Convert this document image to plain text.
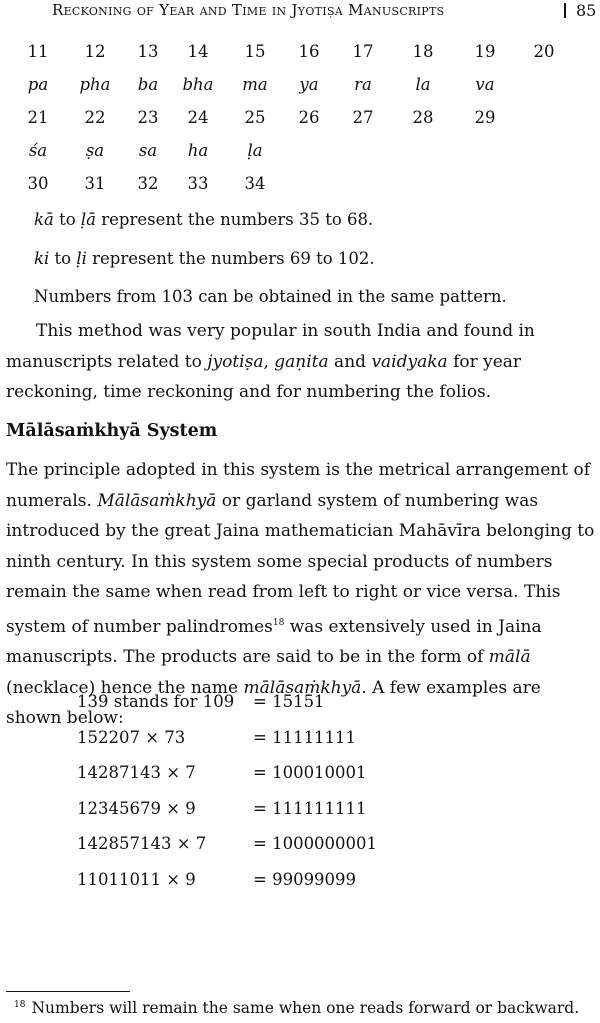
Reckoning of Year and Time in Jyotiṣa Manuscripts	85
11	12	13	14	15	16	17	18	19	20
pa	pha	ba	bha	ma	ya	ra	la	va
21	22	23	24	25	26	27	28	29
śa	ṣa	sa	ha	ḷa
30	31	32	33	34
kā to ḷā represent the numbers 35 to 68.
ki to ḷi represent the numbers 69 to 102.
Numbers from 103 can be obtained in the same pattern.
This method was very popular in south India and found in manuscripts related to jyotiṣa, gaṇita and vaidyaka for year reckoning, time reckoning and for numbering the folios.
Mālāsaṁkhyā System
The principle adopted in this system is the metrical arrangement of numerals. Mālāsaṁkhyā or garland system of numbering was introduced by the great Jaina mathematician Mahāvīra belonging to ninth century. In this system some special products of numbers remain the same when read from left to right or vice versa. This system of number palindromes$^{18}$ was extensively used in Jaina manuscripts. The products are said to be in the form of mālā (necklace) hence the name mālāsaṁkhyā. A few examples are shown below:
139 stands for 109 = 15151
152207 × 73	= 11111111
14287143 × 7	= 100010001
12345679 × 9	= 111111111
142857143 × 7	= 1000000001
11011011 × 9	= 99099099
$^{18}$ Numbers will remain the same when one reads forward or backward.
